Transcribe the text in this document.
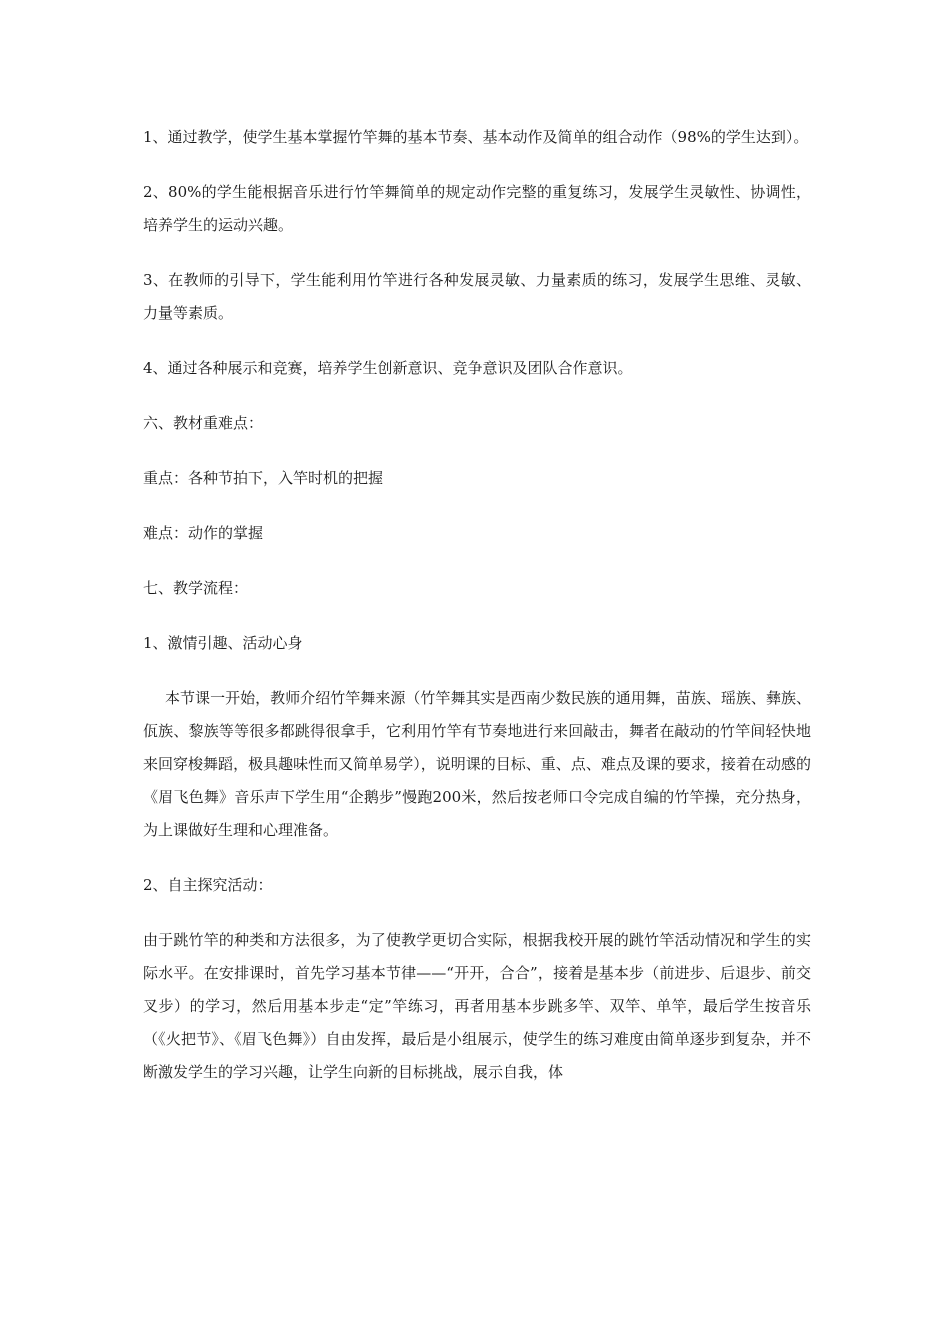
1、通过教学，使学生基本掌握竹竿舞的基本节奏、基本动作及简单的组合动作（98%的学生达到）。

2、80%的学生能根据音乐进行竹竿舞简单的规定动作完整的重复练习，发展学生灵敏性、协调性，培养学生的运动兴趣。

3、在教师的引导下，学生能利用竹竿进行各种发展灵敏、力量素质的练习，发展学生思维、灵敏、力量等素质。

4、通过各种展示和竞赛，培养学生创新意识、竞争意识及团队合作意识。

六、教材重难点：

重点：各种节拍下，入竿时机的把握

难点：动作的掌握

七、教学流程：

1、激情引趣、活动心身

本节课一开始，教师介绍竹竿舞来源（竹竿舞其实是西南少数民族的通用舞，苗族、瑶族、彝族、佤族、黎族等等很多都跳得很拿手，它利用竹竿有节奏地进行来回敲击，舞者在敲动的竹竿间轻快地来回穿梭舞蹈，极具趣味性而又简单易学），说明课的目标、重、点、难点及课的要求，接着在动感的《眉飞色舞》音乐声下学生用“企鹅步”慢跑200米，然后按老师口令完成自编的竹竿操，充分热身，为上课做好生理和心理准备。

2、自主探究活动：

由于跳竹竿的种类和方法很多，为了使教学更切合实际，根据我校开展的跳竹竿活动情况和学生的实际水平。在安排课时，首先学习基本节律——“开开，合合”，接着是基本步（前进步、后退步、前交叉步）的学习，然后用基本步走“定”竿练习，再者用基本步跳多竿、双竿、单竿，最后学生按音乐（《火把节》、《眉飞色舞》）自由发挥，最后是小组展示，使学生的练习难度由简单逐步到复杂，并不断激发学生的学习兴趣，让学生向新的目标挑战，展示自我，体
